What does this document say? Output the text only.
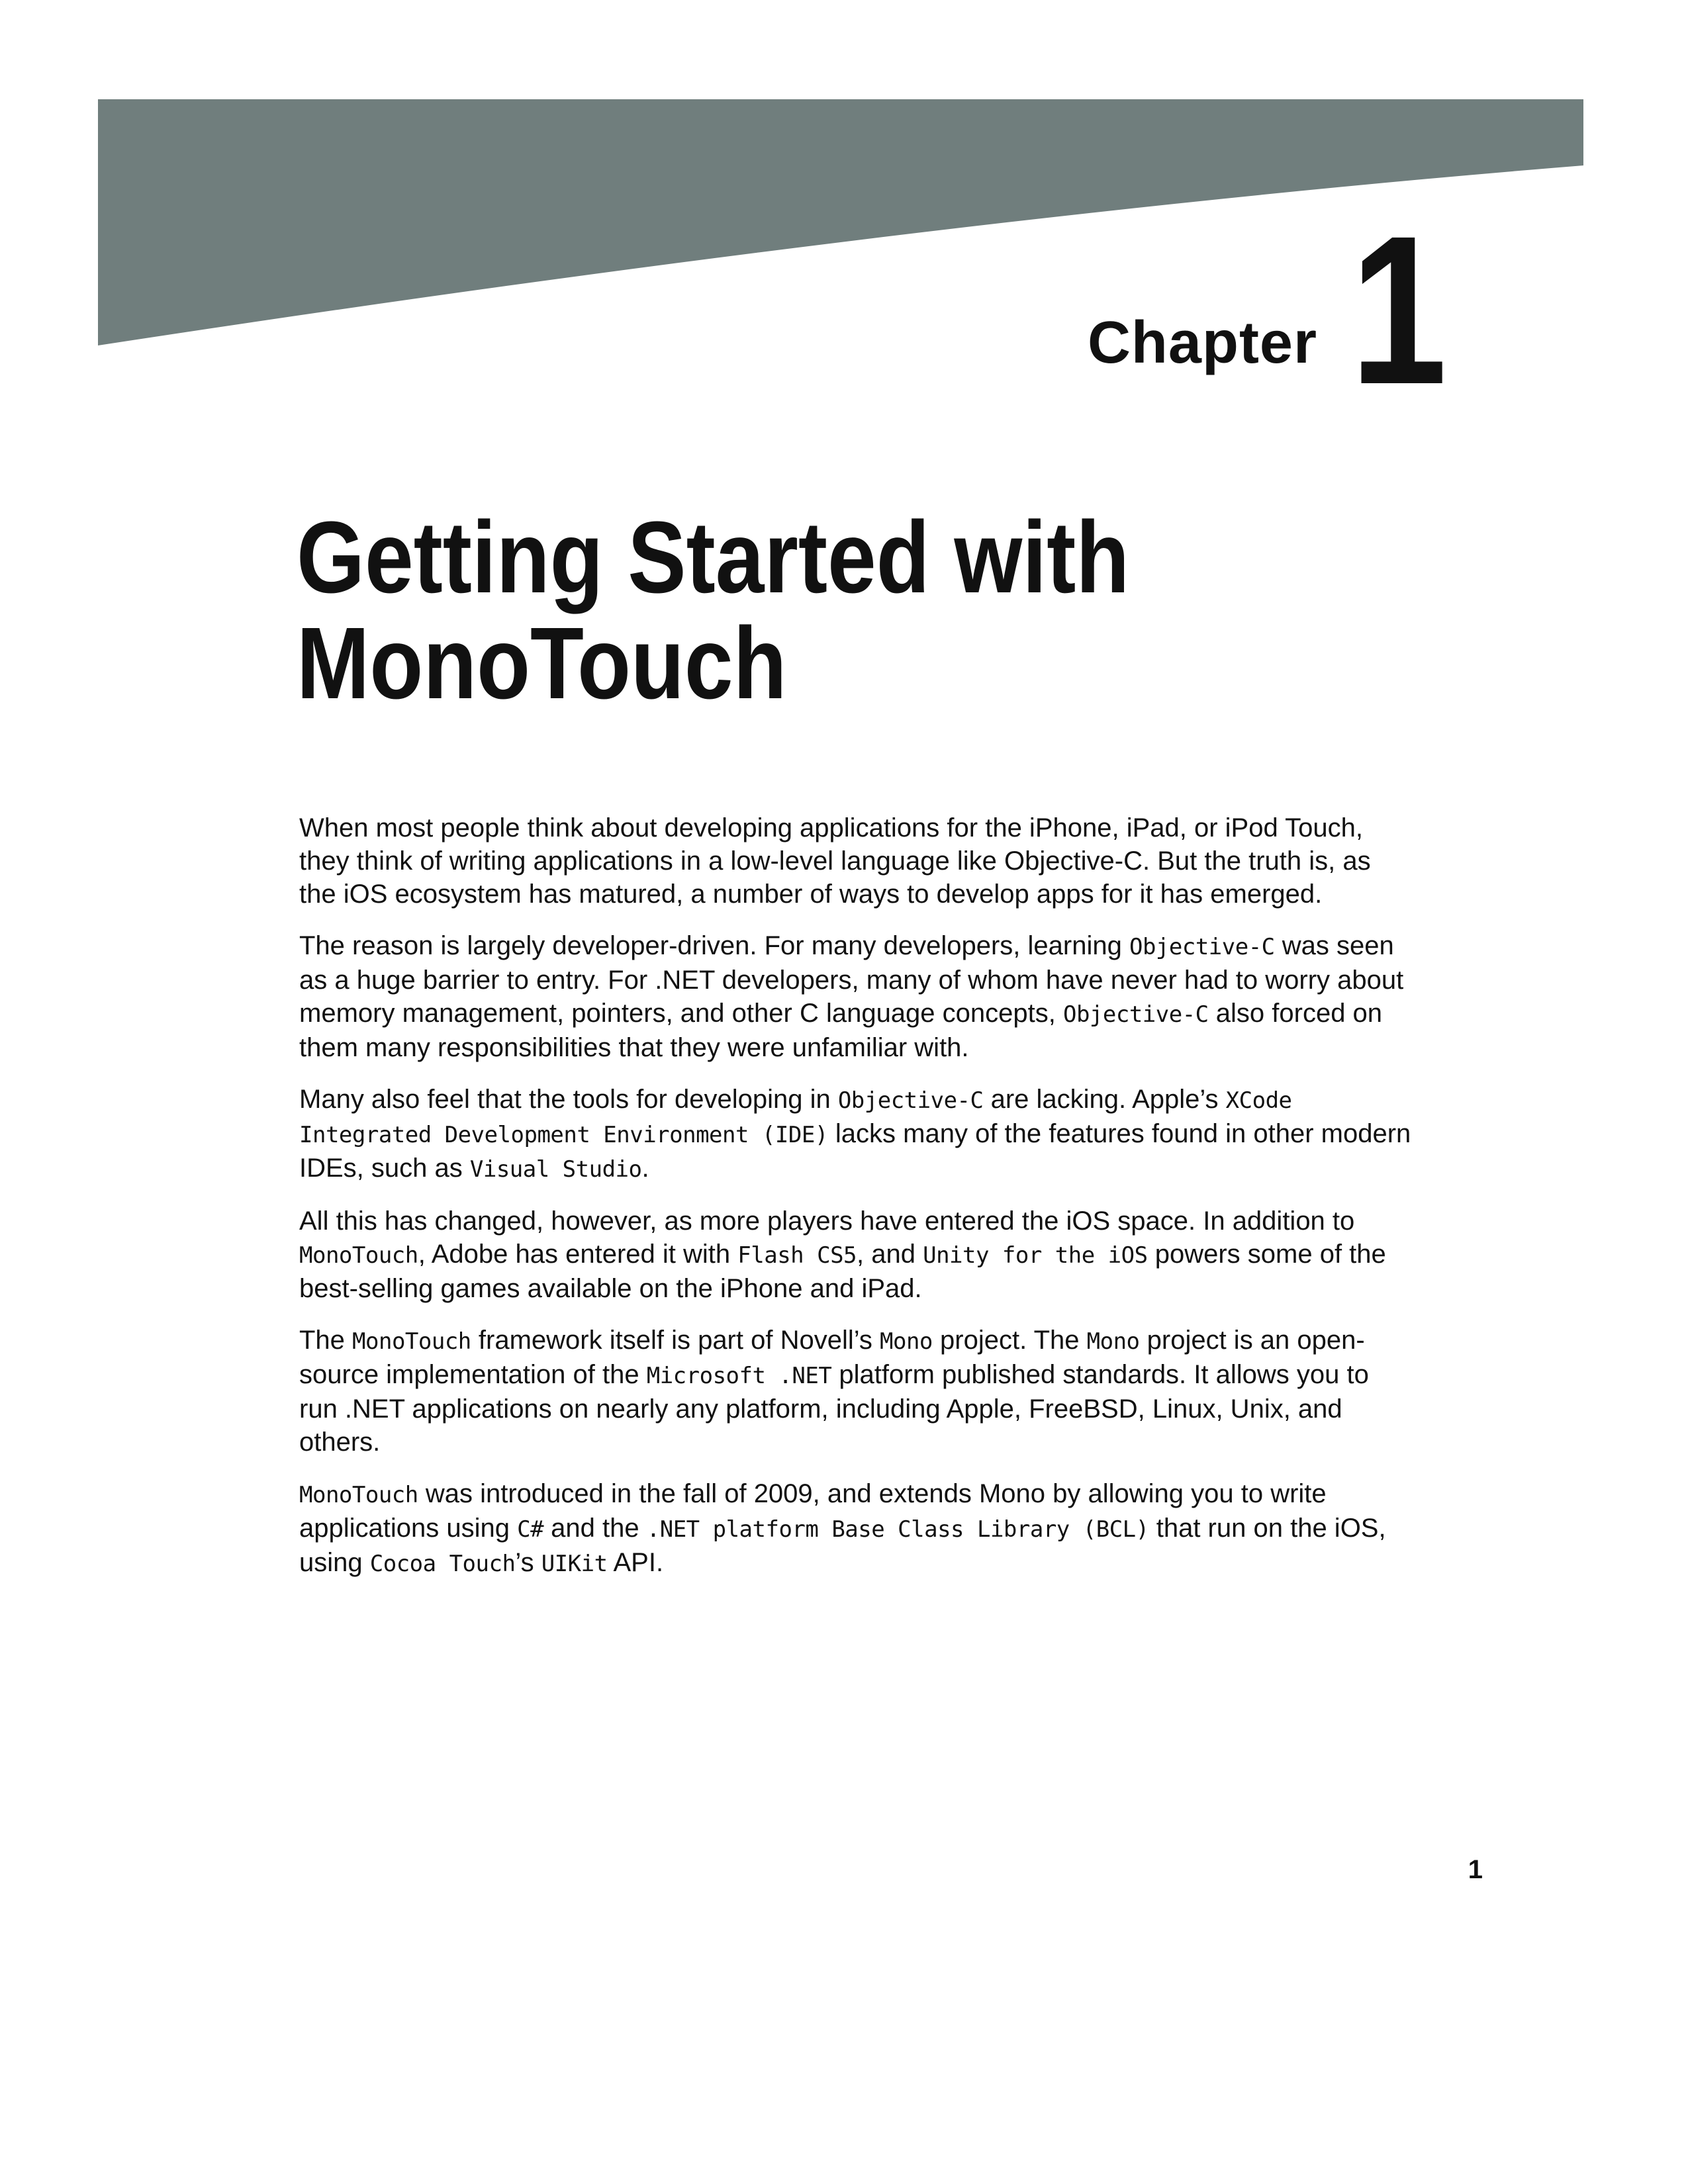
Chapter 1
Getting Started with
MonoTouch

When most people think about developing applications for the iPhone, iPad, or iPod Touch, they think of writing applications in a low-level language like Objective-C. But the truth is, as the iOS ecosystem has matured, a number of ways to develop apps for it has emerged.

The reason is largely developer-driven. For many developers, learning Objective-C was seen as a huge barrier to entry. For .NET developers, many of whom have never had to worry about memory management, pointers, and other C language concepts, Objective-C also forced on them many responsibilities that they were unfamiliar with.

Many also feel that the tools for developing in Objective-C are lacking. Apple’s XCode Integrated Development Environment (IDE) lacks many of the features found in other modern IDEs, such as Visual Studio.

All this has changed, however, as more players have entered the iOS space. In addition to MonoTouch, Adobe has entered it with Flash CS5, and Unity for the iOS powers some of the best-selling games available on the iPhone and iPad.

The MonoTouch framework itself is part of Novell’s Mono project. The Mono project is an open-source implementation of the Microsoft .NET platform published standards. It allows you to run .NET applications on nearly any platform, including Apple, FreeBSD, Linux, Unix, and others.

MonoTouch was introduced in the fall of 2009, and extends Mono by allowing you to write applications using C# and the .NET platform Base Class Library (BCL) that run on the iOS, using Cocoa Touch’s UIKit API.

1
